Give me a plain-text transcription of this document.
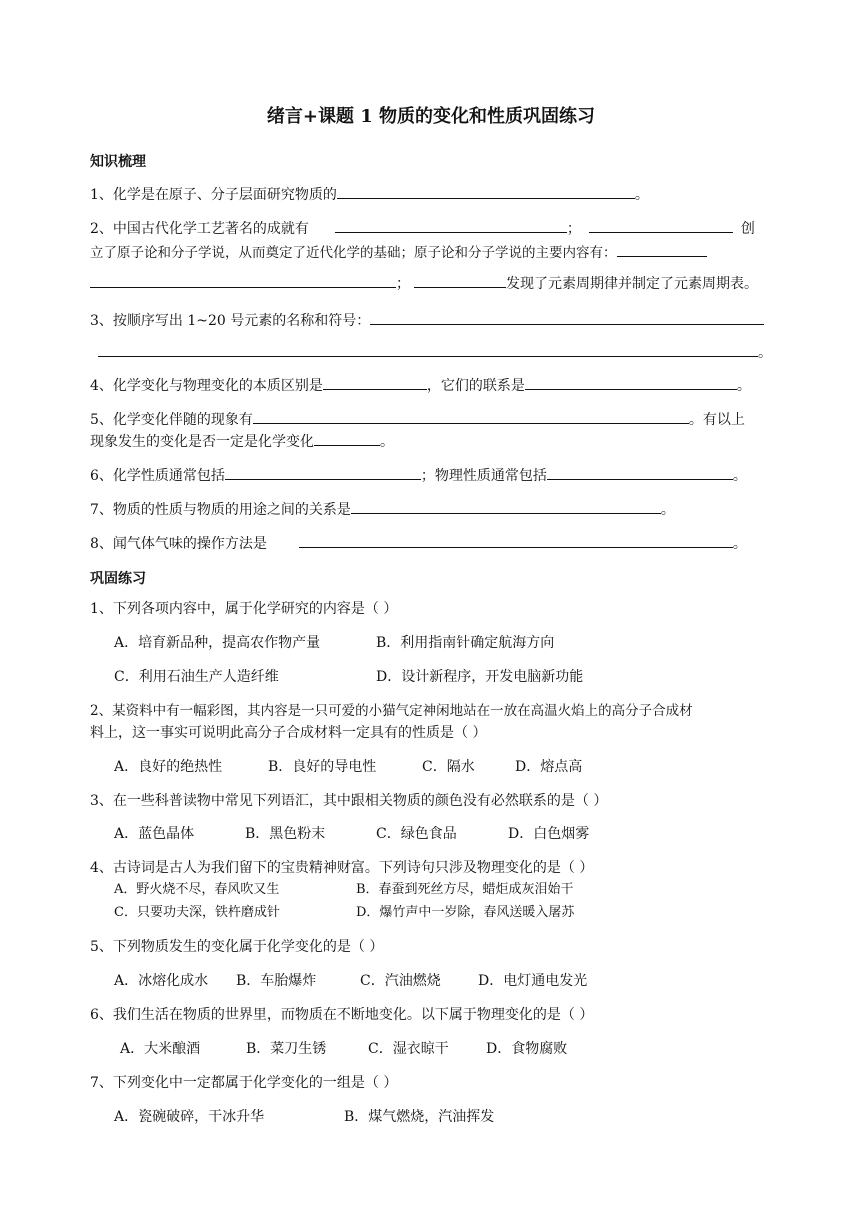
绪言+课题 1 物质的变化和性质巩固练习
知识梳理
1、化学是在原子、分子层面研究物质的	。
2、中国古代化学工艺著名的成就有	；	创
立了原子论和分子学说，从而奠定了近代化学的基础；原子论和分子学说的主要内容有：
；	发现了元素周期律并制定了元素周期表。
3、按顺序写出 1~20 号元素的名称和符号：
。
4、化学变化与物理变化的本质区别是	，它们的联系是	。
5、化学变化伴随的现象有	。有以上
现象发生的变化是否一定是化学变化	。
6、化学性质通常包括	；物理性质通常包括	。
7、物质的性质与物质的用途之间的关系是	。
8、闻气体气味的操作方法是	。
巩固练习
1、下列各项内容中，属于化学研究的内容是（ ）
A．培育新品种，提高农作物产量	B．利用指南针确定航海方向
C．利用石油生产人造纤维	D．设计新程序，开发电脑新功能
2、某资料中有一幅彩图，其内容是一只可爱的小猫气定神闲地站在一放在高温火焰上的高分子合成材
料上，这一事实可说明此高分子合成材料一定具有的性质是（ ）
A．良好的绝热性	B．良好的导电性	C．隔水	D．熔点高
3、在一些科普读物中常见下列语汇，其中跟相关物质的颜色没有必然联系的是（ ）
A．蓝色晶体	B．黑色粉末	C．绿色食品	D．白色烟雾
4、古诗词是古人为我们留下的宝贵精神财富。下列诗句只涉及物理变化的是（ ）
A．野火烧不尽，春风吹又生	B．春蚕到死丝方尽，蜡炬成灰泪始干
C．只要功夫深，铁杵磨成针	D．爆竹声中一岁除，春风送暖入屠苏
5、下列物质发生的变化属于化学变化的是（ ）
A．冰熔化成水 B．车胎爆炸	C．汽油燃烧	D．电灯通电发光
6、我们生活在物质的世界里，而物质在不断地变化。以下属于物理变化的是（ ）
A．大米酿酒	B．菜刀生锈	C．湿衣晾干	D．食物腐败
7、下列变化中一定都属于化学变化的一组是（ ）
A．瓷碗破碎，干冰升华	B．煤气燃烧，汽油挥发
